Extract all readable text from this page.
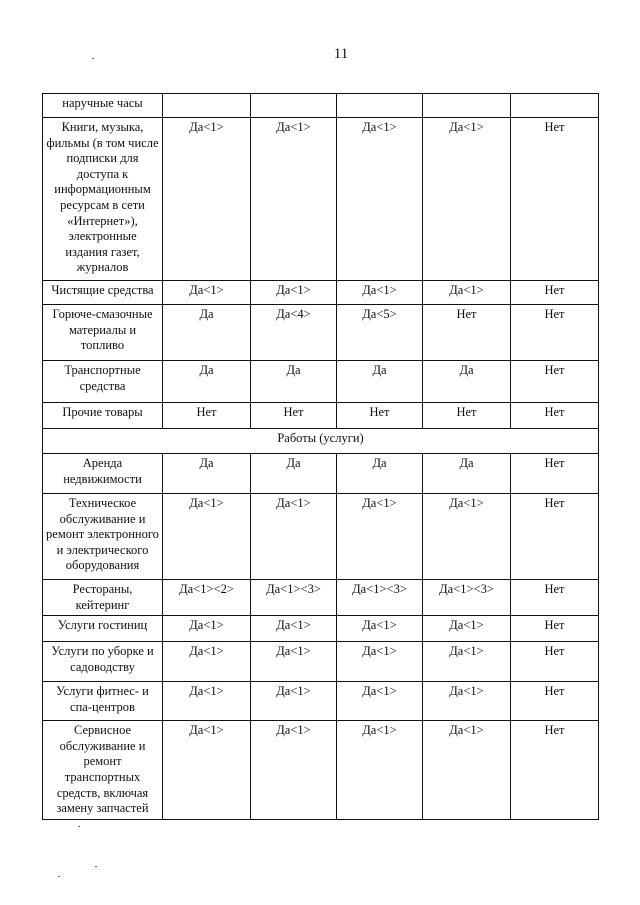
11
наручные часы					
Книги, музыка, фильмы (в том числе подписки для доступа к информационным ресурсам в сети «Интернет»), электронные издания газет, журналов	Да<1>	Да<1>	Да<1>	Да<1>	Нет
Чистящие средства	Да<1>	Да<1>	Да<1>	Да<1>	Нет
Горюче-смазочные материалы и топливо	Да	Да<4>	Да<5>	Нет	Нет
Транспортные средства	Да	Да	Да	Да	Нет
Прочие товары	Нет	Нет	Нет	Нет	Нет
Работы (услуги)					
Аренда недвижимости	Да	Да	Да	Да	Нет
Техническое обслуживание и ремонт электронного и электрического оборудования	Да<1>	Да<1>	Да<1>	Да<1>	Нет
Рестораны, кейтеринг	Да<1><2>	Да<1><3>	Да<1><3>	Да<1><3>	Нет
Услуги гостиниц	Да<1>	Да<1>	Да<1>	Да<1>	Нет
Услуги по уборке и садоводству	Да<1>	Да<1>	Да<1>	Да<1>	Нет
Услуги фитнес- и спа-центров	Да<1>	Да<1>	Да<1>	Да<1>	Нет
Сервисное обслуживание и ремонт транспортных средств, включая замену запчастей	Да<1>	Да<1>	Да<1>	Да<1>	Нет
